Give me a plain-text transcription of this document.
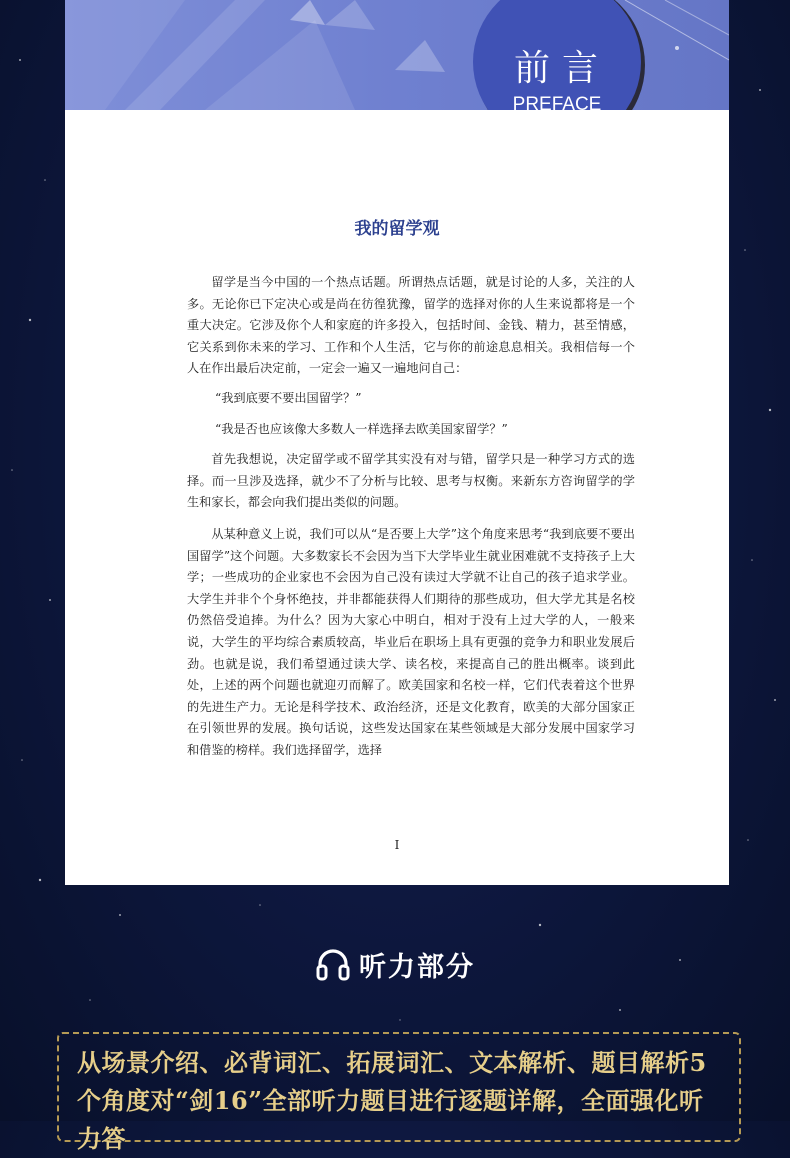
前言
PREFACE
我的留学观

留学是当今中国的一个热点话题。所谓热点话题，就是讨论的人多，关注的人多。无论你已下定决心或是尚在彷徨犹豫，留学的选择对你的人生来说都将是一个重大决定。它涉及你个人和家庭的许多投入，包括时间、金钱、精力，甚至情感，它关系到你未来的学习、工作和个人生活，它与你的前途息息相关。我相信每一个人在作出最后决定前，一定会一遍又一遍地问自己：

“我到底要不要出国留学？”

“我是否也应该像大多数人一样选择去欧美国家留学？”

首先我想说，决定留学或不留学其实没有对与错，留学只是一种学习方式的选择。而一旦涉及选择，就少不了分析与比较、思考与权衡。来新东方咨询留学的学生和家长，都会向我们提出类似的问题。

从某种意义上说，我们可以从“是否要上大学”这个角度来思考“我到底要不要出国留学”这个问题。大多数家长不会因为当下大学毕业生就业困难就不支持孩子上大学；一些成功的企业家也不会因为自己没有读过大学就不让自己的孩子追求学业。大学生并非个个身怀绝技，并非都能获得人们期待的那些成功，但大学尤其是名校仍然倍受追捧。为什么？因为大家心中明白，相对于没有上过大学的人，一般来说，大学生的平均综合素质较高，毕业后在职场上具有更强的竞争力和职业发展后劲。也就是说，我们希望通过读大学、读名校，来提高自己的胜出概率。谈到此处，上述的两个问题也就迎刃而解了。欧美国家和名校一样，它们代表着这个世界的先进生产力。无论是科学技术、政治经济，还是文化教育，欧美的大部分国家正在引领世界的发展。换句话说，这些发达国家在某些领域是大部分发展中国家学习和借鉴的榜样。我们选择留学，选择

I
听力部分

从场景介绍、必背词汇、拓展词汇、文本解析、题目解析5个角度对“剑16”全部听力题目进行逐题详解，全面强化听力答
